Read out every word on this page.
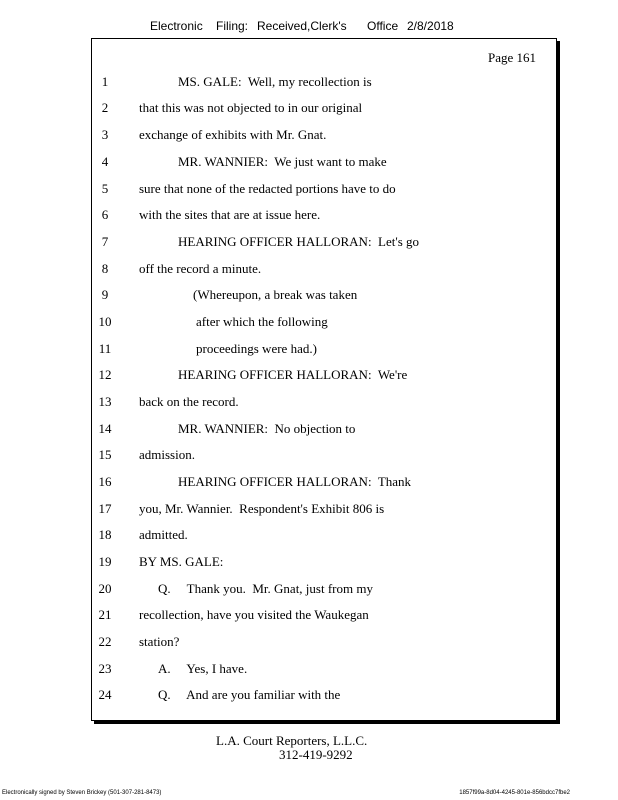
Electronic Filing: Received,Clerk's Office 2/8/2018
Page 161
1	MS. GALE:  Well, my recollection is
2	that this was not objected to in our original
3	exchange of exhibits with Mr. Gnat.
4	MR. WANNIER:  We just want to make
5	sure that none of the redacted portions have to do
6	with the sites that are at issue here.
7	HEARING OFFICER HALLORAN:  Let's go
8	off the record a minute.
9	(Whereupon, a break was taken
10	after which the following
11	proceedings were had.)
12	HEARING OFFICER HALLORAN:  We're
13	back on the record.
14	MR. WANNIER:  No objection to
15	admission.
16	HEARING OFFICER HALLORAN:  Thank
17	you, Mr. Wannier.  Respondent's Exhibit 806 is
18	admitted.
19	BY MS. GALE:
20	Q.     Thank you.  Mr. Gnat, just from my
21	recollection, have you visited the Waukegan
22	station?
23	A.     Yes, I have.
24	Q.     And are you familiar with the
L.A. Court Reporters, L.L.C.
312-419-9292
Electronically signed by Steven Brickey (501-307-281-8473)	1857f99a-8d04-4245-801e-856bdcc7fbe2
